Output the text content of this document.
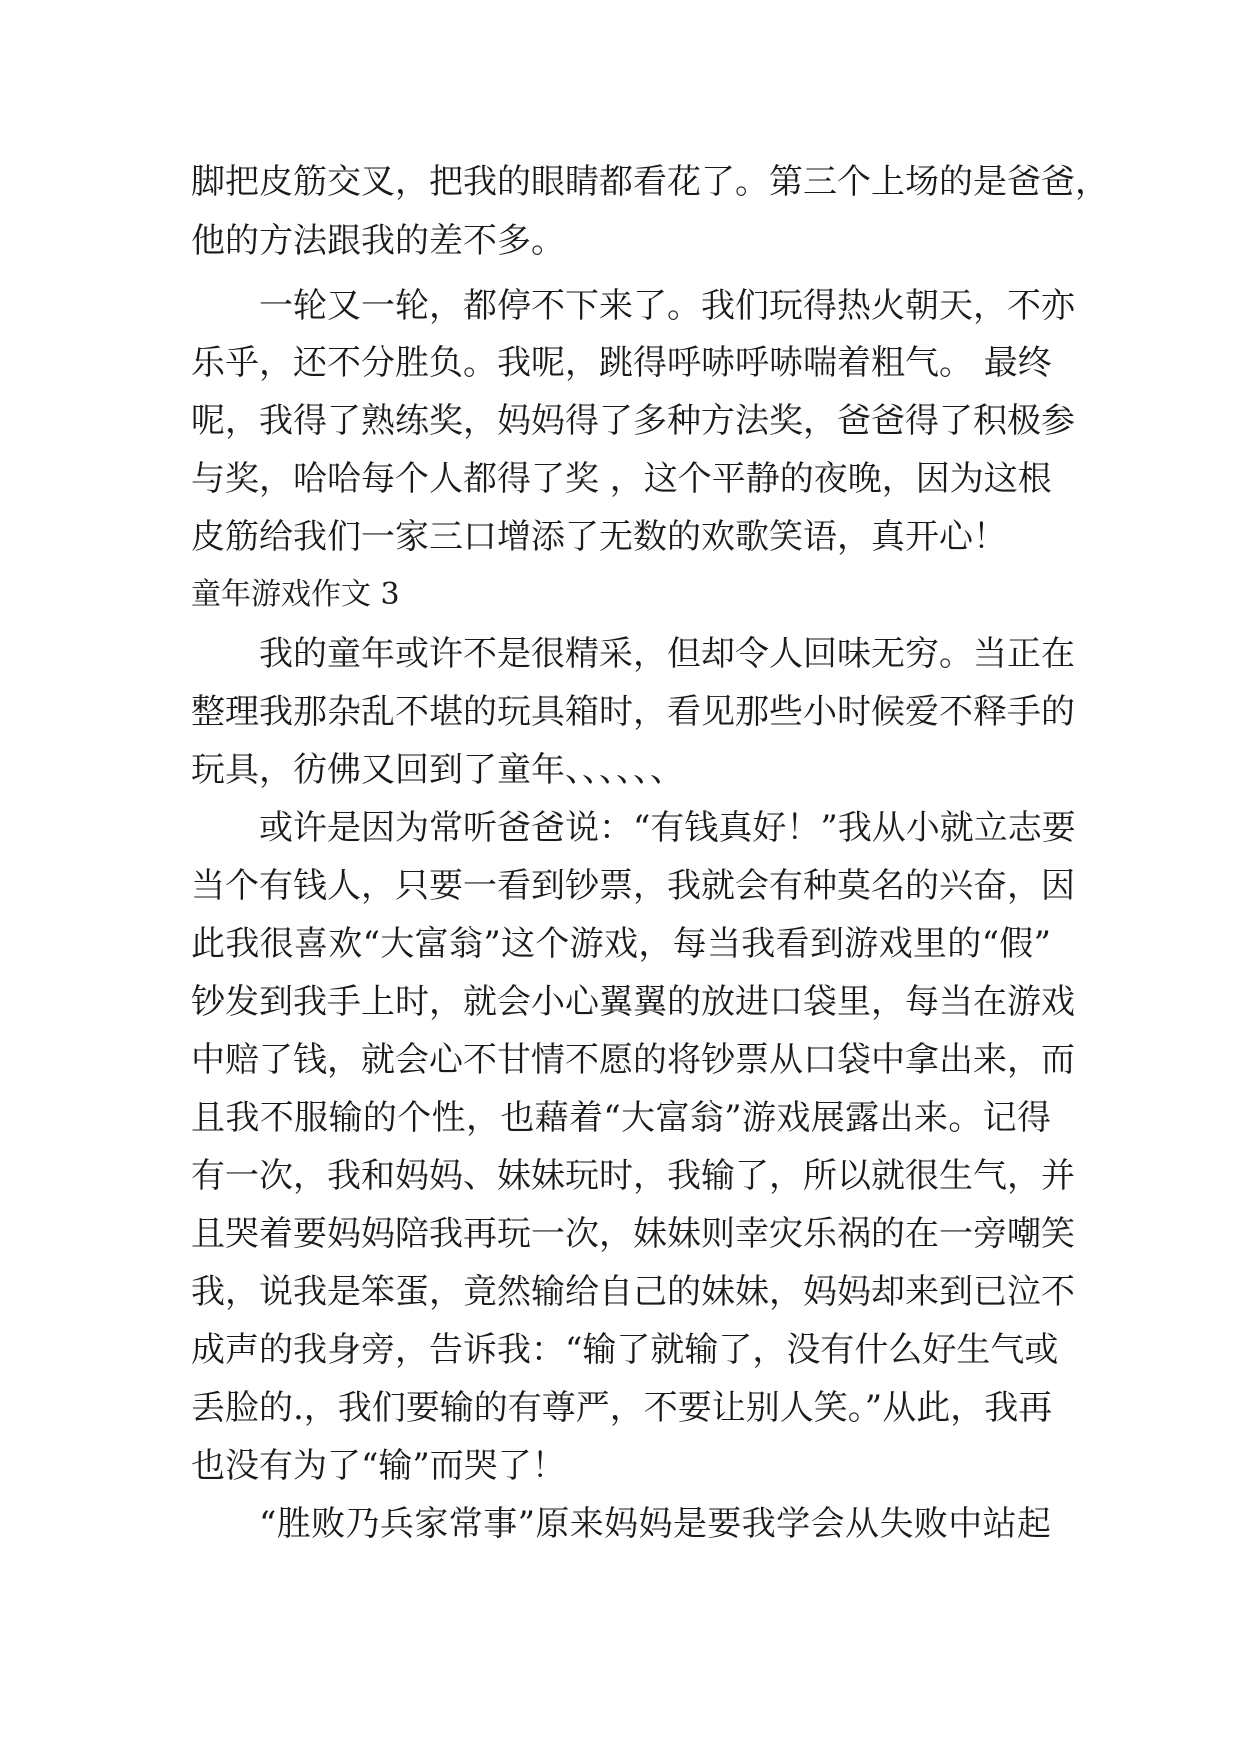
脚把皮筋交叉，把我的眼睛都看花了。第三个上场的是爸爸，
他的方法跟我的差不多。
一轮又一轮，都停不下来了。我们玩得热火朝天，不亦
乐乎，还不分胜负。我呢，跳得呼哧呼哧喘着粗气。 最终
呢，我得了熟练奖，妈妈得了多种方法奖，爸爸得了积极参
与奖，哈哈每个人都得了奖 ，这个平静的夜晚，因为这根
皮筋给我们一家三口增添了无数的欢歌笑语，真开心！
童年游戏作文 3
我的童年或许不是很精采，但却令人回味无穷。当正在
整理我那杂乱不堪的玩具箱时，看见那些小时候爱不释手的
玩具，彷佛又回到了童年、、、、、、
或许是因为常听爸爸说：“有钱真好！”我从小就立志要
当个有钱人，只要一看到钞票，我就会有种莫名的兴奋，因
此我很喜欢“大富翁”这个游戏，每当我看到游戏里的“假”
钞发到我手上时，就会小心翼翼的放进口袋里，每当在游戏
中赔了钱，就会心不甘情不愿的将钞票从口袋中拿出来，而
且我不服输的个性，也藉着“大富翁”游戏展露出来。记得
有一次，我和妈妈、妹妹玩时，我输了，所以就很生气，并
且哭着要妈妈陪我再玩一次，妹妹则幸灾乐祸的在一旁嘲笑
我，说我是笨蛋，竟然输给自己的妹妹，妈妈却来到已泣不
成声的我身旁，告诉我：“输了就输了，没有什么好生气或
丢脸的.，我们要输的有尊严，不要让别人笑。”从此，我再
也没有为了“输”而哭了！
“胜败乃兵家常事”原来妈妈是要我学会从失败中站起
